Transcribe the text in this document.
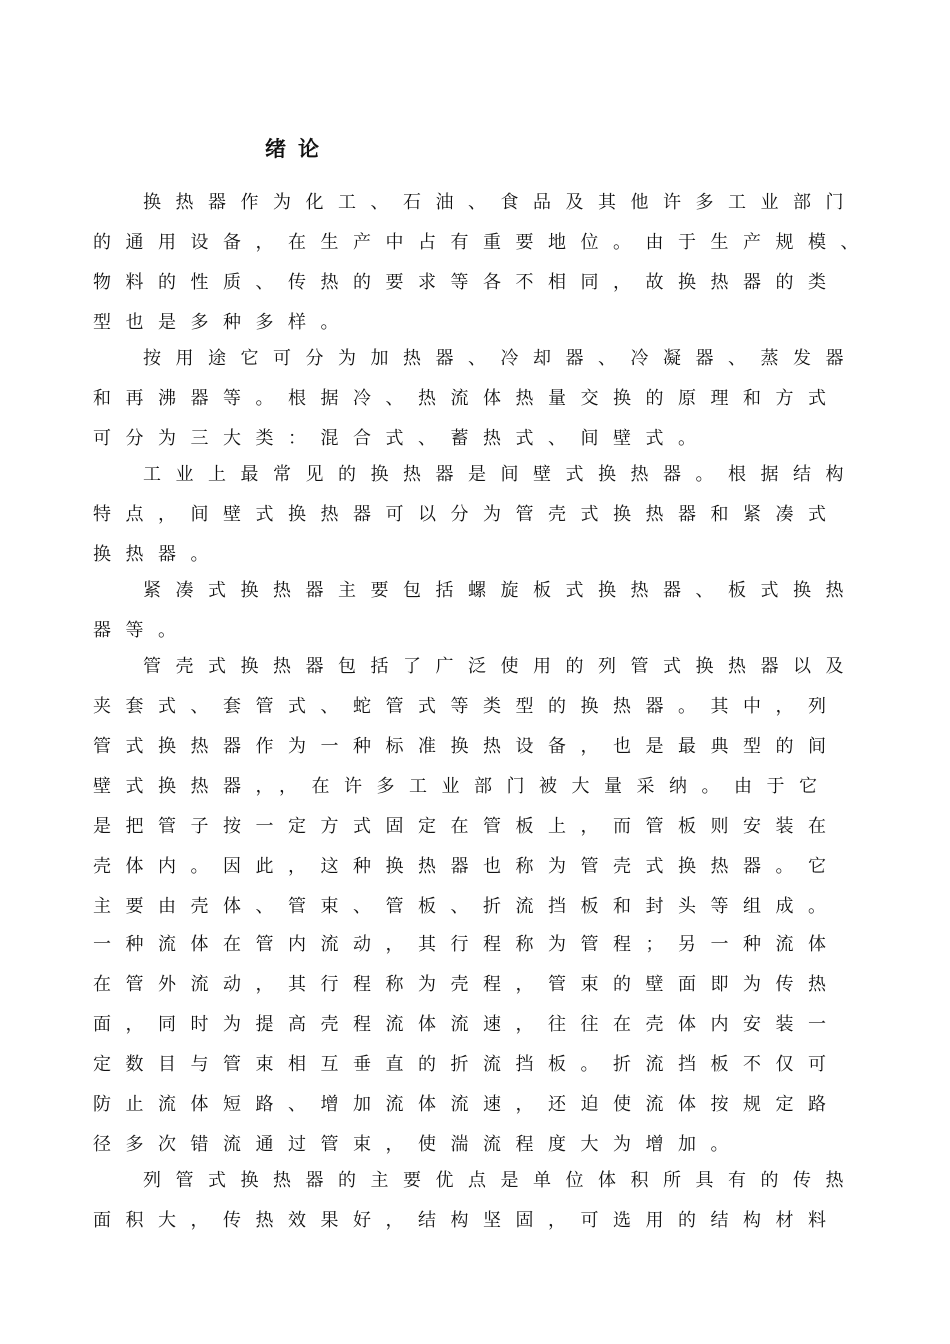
绪论
换热器作为化工、石油、食品及其他许多工业部门
的通用设备，在生产中占有重要地位。由于生产规模、
物料的性质、传热的要求等各不相同，故换热器的类
型也是多种多样。
按用途它可分为加热器、冷却器、冷凝器、蒸发器
和再沸器等。根据冷、热流体热量交换的原理和方式
可分为三大类：混合式、蓄热式、间壁式。
工业上最常见的换热器是间壁式换热器。根据结构
特点，间壁式换热器可以分为管壳式换热器和紧凑式
换热器。
紧凑式换热器主要包括螺旋板式换热器、板式换热
器等。
管壳式换热器包括了广泛使用的列管式换热器以及
夹套式、套管式、蛇管式等类型的换热器。其中，列
管式换热器作为一种标准换热设备，也是最典型的间
壁式换热器，，在许多工业部门被大量采纳。由于它
是把管子按一定方式固定在管板上，而管板则安装在
壳体内。因此，这种换热器也称为管壳式换热器。它
主要由壳体、管束、管板、折流挡板和封头等组成。
一种流体在管内流动，其行程称为管程；另一种流体
在管外流动，其行程称为壳程，管束的壁面即为传热
面，同时为提高壳程流体流速，往往在壳体内安装一
定数目与管束相互垂直的折流挡板。折流挡板不仅可
防止流体短路、增加流体流速，还迫使流体按规定路
径多次错流通过管束，使湍流程度大为增加。
列管式换热器的主要优点是单位体积所具有的传热
面积大，传热效果好，结构坚固，可选用的结构材料
